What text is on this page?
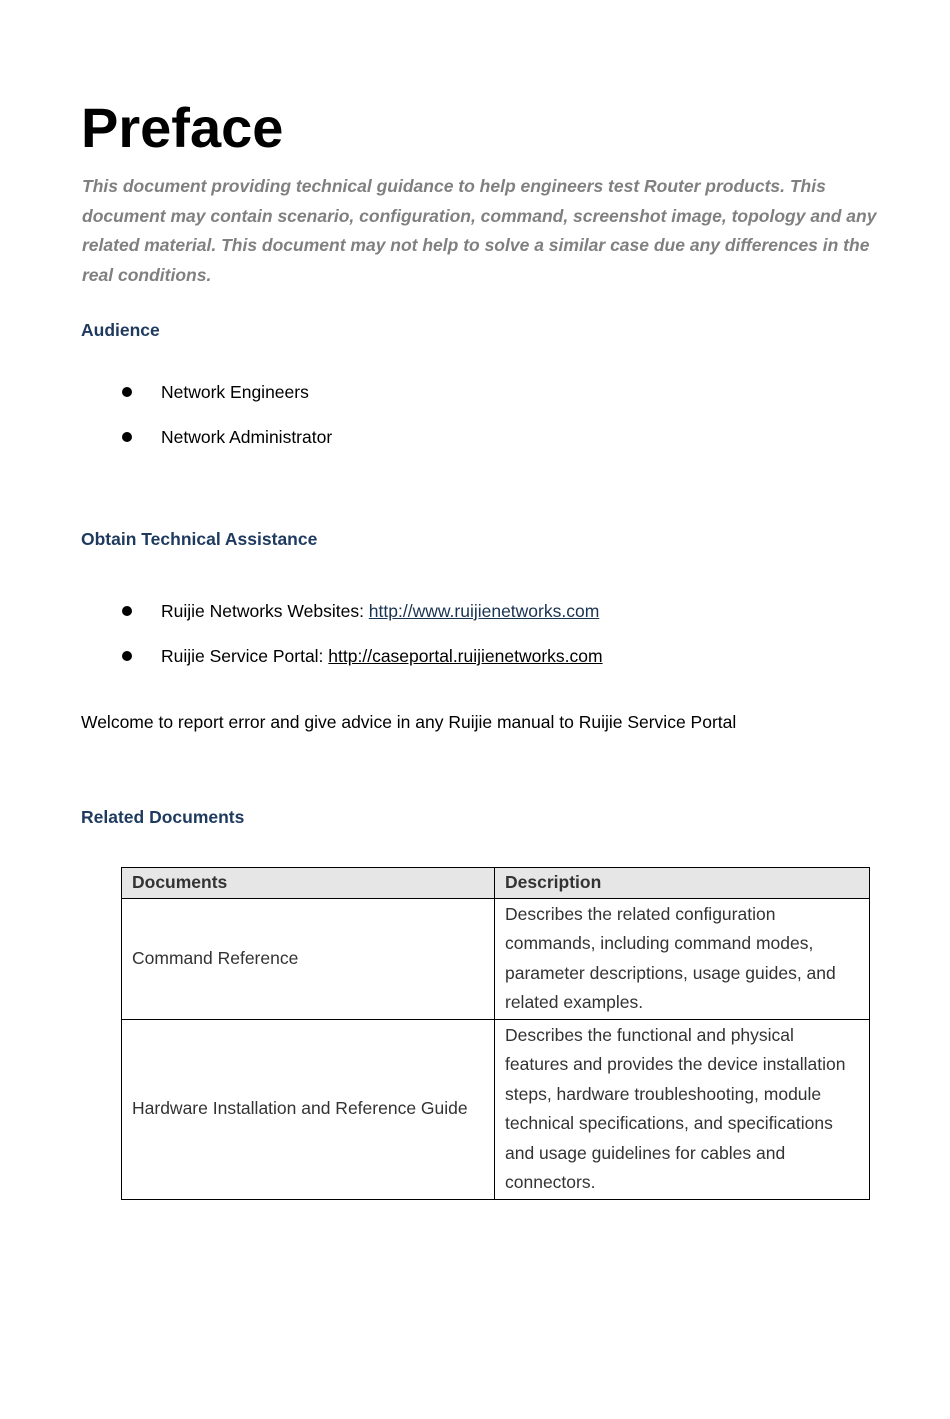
Preface

This document providing technical guidance to help engineers test Router products. This document may contain scenario, configuration, command, screenshot image, topology and any related material. This document may not help to solve a similar case due any differences in the real conditions.

Audience
Network Engineers
Network Administrator
Obtain Technical Assistance
Ruijie Networks Websites: http://www.ruijienetworks.com
Ruijie Service Portal: http://caseportal.ruijienetworks.com

Welcome to report error and give advice in any Ruijie manual to Ruijie Service Portal

Related Documents
Documents	Description
Command Reference	Describes the related configuration commands, including command modes, parameter descriptions, usage guides, and related examples.
Hardware Installation and Reference Guide	Describes the functional and physical features and provides the device installation steps, hardware troubleshooting, module technical specifications, and specifications and usage guidelines for cables and connectors.
